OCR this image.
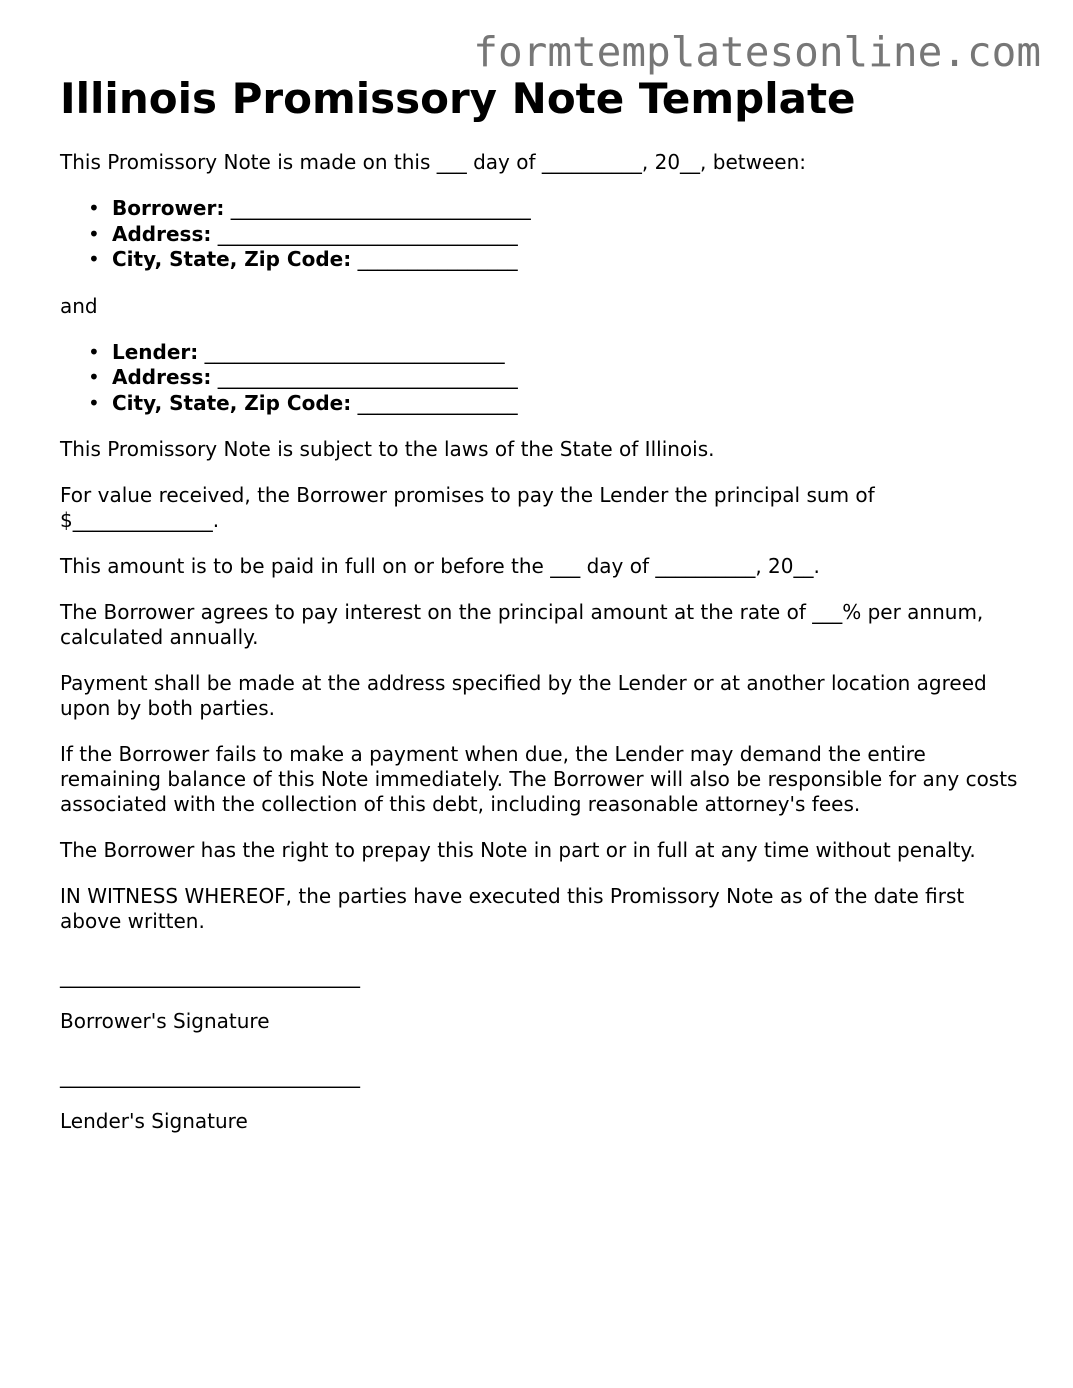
formtemplatesonline.com
Illinois Promissory Note Template

This Promissory Note is made on this ___ day of __________, 20__, between:

• Borrower: ______________________________
• Address: ______________________________
• City, State, Zip Code: ________________

and

• Lender: ______________________________
• Address: ______________________________
• City, State, Zip Code: ________________

This Promissory Note is subject to the laws of the State of Illinois.

For value received, the Borrower promises to pay the Lender the principal sum of $______________.

This amount is to be paid in full on or before the ___ day of __________, 20__.

The Borrower agrees to pay interest on the principal amount at the rate of ___% per annum, calculated annually.

Payment shall be made at the address specified by the Lender or at another location agreed upon by both parties.

If the Borrower fails to make a payment when due, the Lender may demand the entire remaining balance of this Note immediately. The Borrower will also be responsible for any costs associated with the collection of this debt, including reasonable attorney's fees.

The Borrower has the right to prepay this Note in part or in full at any time without penalty.

IN WITNESS WHEREOF, the parties have executed this Promissory Note as of the date first above written.

______________________________
Borrower's Signature
______________________________
Lender's Signature
